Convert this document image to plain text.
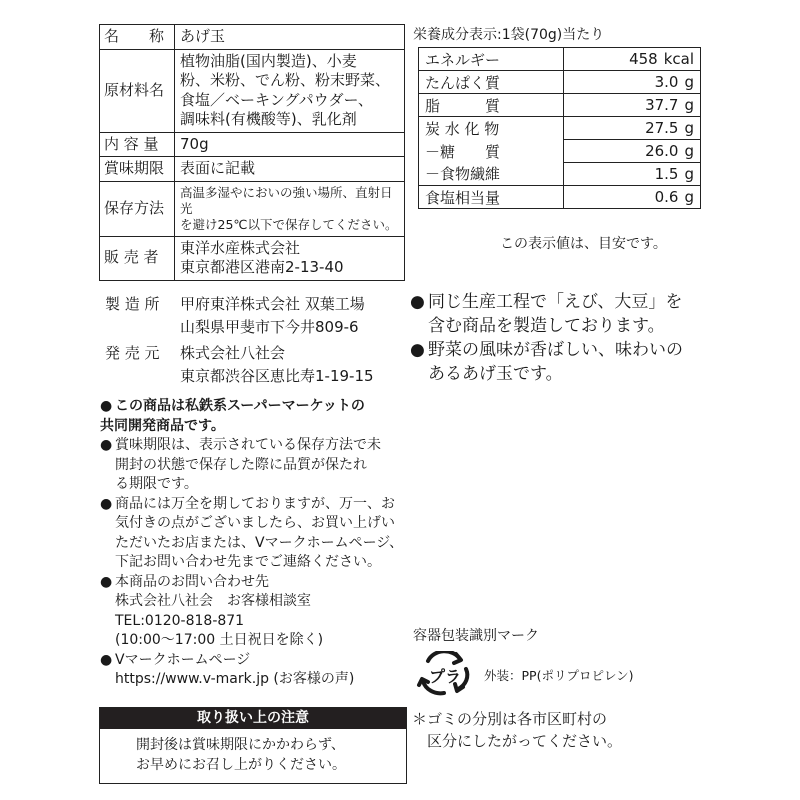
名　　称	あげ玉
原材料名	植物油脂(国内製造)、小麦
粉、米粉、でん粉、粉末野菜、
食塩／ベーキングパウダー、
調味料(有機酸等)、乳化剤

内 容 量	70g
賞味期限	表面に記載
保存方法	高温多湿やにおいの強い場所、直射日光
を避け25℃以下で保存してください。

販 売 者	東洋水産株式会社
東京都港区港南2-13-40
製 造 所	甲府東洋株式会社 双葉工場
山梨県甲斐市下今井809-6
発 売 元	株式会社八社会
東京都渋谷区恵比寿1-19-15
● この商品は私鉄系スーパーマーケットの

共同開発商品です。

● 賞味期限は、表示されている保存方法で未

開封の状態で保存した際に品質が保たれ

る期限です。

● 商品には万全を期しておりますが、万一、お

気付きの点がございましたら、お買い上げい

ただいたお店または、Vマークホームページ、

下記お問い合わせ先までご連絡ください。

● 本商品のお問い合わせ先

株式会社八社会　お客様相談室

TEL:0120-818-871

(10:00～17:00 土日祝日を除く)

● Vマークホームページ

https://www.v-mark.jp (お客様の声)

取り扱い上の注意
開封後は賞味期限にかかわらず、
お早めにお召し上がりください。
栄養成分表示:1袋(70g)当たり
エネルギー	458 kcal
たんぱく質	3.0 g
脂　　　質	37.7 g
炭 水 化 物	27.5 g
－糖　　質	26.0 g
－食物繊維	1.5 g
食塩相当量	0.6 g
この表示値は、目安です。
● 同じ生産工程で「えび、大豆」を

含む商品を製造しております。

● 野菜の風味が香ばしい、味わいの

あるあげ玉です。

容器包装識別マーク
プラ 外装：PP(ポリプロピレン)
＊ゴミの分別は各市区町村の
　区分にしたがってください。
